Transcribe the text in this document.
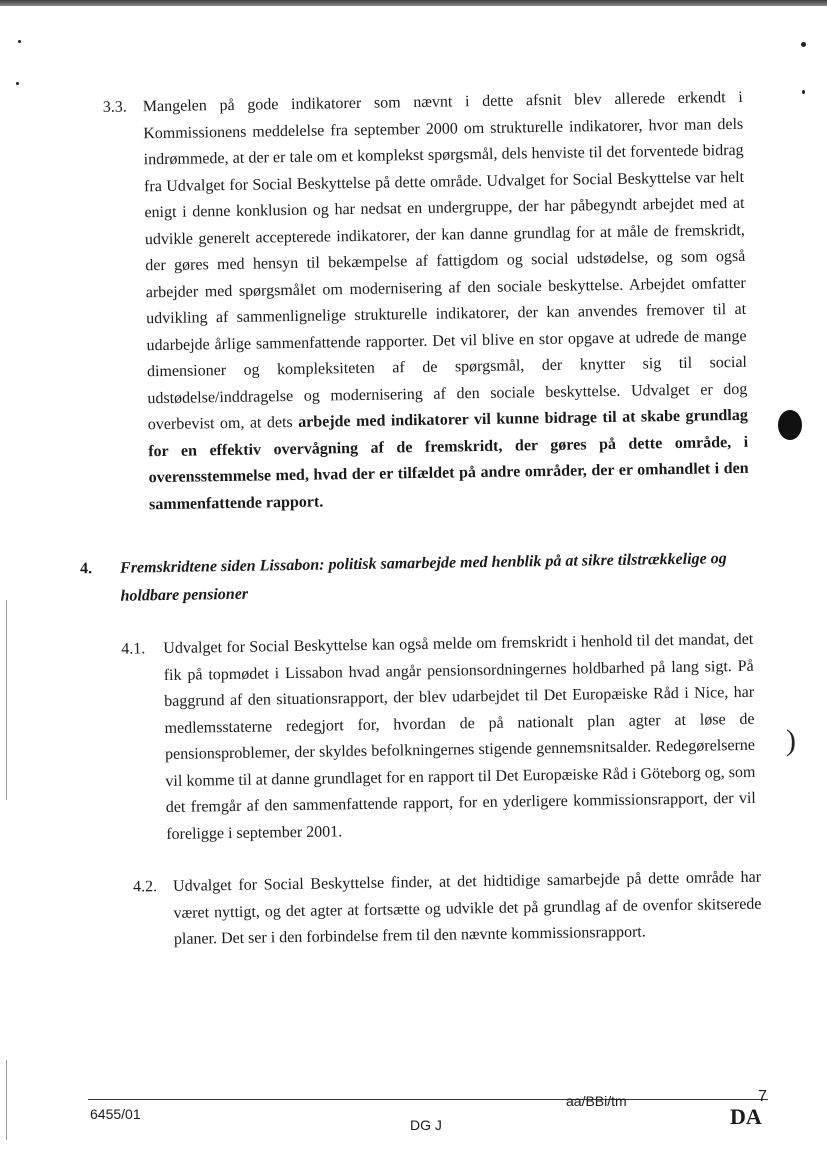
)
3.3. Mangelen på gode indikatorer som nævnt i dette afsnit blev allerede erkendt i Kommissionens meddelelse fra september 2000 om strukturelle indikatorer, hvor man dels indrømmede, at der er tale om et komplekst spørgsmål, dels henviste til det forventede bidrag fra Udvalget for Social Beskyttelse på dette område. Udvalget for Social Beskyttelse var helt enigt i denne konklusion og har nedsat en undergruppe, der har påbegyndt arbejdet med at udvikle generelt accepterede indikatorer, der kan danne grundlag for at måle de fremskridt, der gøres med hensyn til bekæmpelse af fattigdom og social udstødelse, og som også arbejder med spørgsmålet om modernisering af den sociale beskyttelse. Arbejdet omfatter udvikling af sammenlignelige strukturelle indikatorer, der kan anvendes fremover til at udarbejde årlige sammenfattende rapporter. Det vil blive en stor opgave at udrede de mange dimensioner og kompleksiteten af de spørgsmål, der knytter sig til social udstødelse/inddragelse og modernisering af den sociale beskyttelse. Udvalget er dog overbevist om, at dets arbejde med indikatorer vil kunne bidrage til at skabe grundlag for en effektiv overvågning af de fremskridt, der gøres på dette område, i overensstemmelse med, hvad der er tilfældet på andre områder, der er omhandlet i den sammenfattende rapport.
4. Fremskridtene siden Lissabon: politisk samarbejde med henblik på at sikre tilstrækkelige og holdbare pensioner
4.1. Udvalget for Social Beskyttelse kan også melde om fremskridt i henhold til det mandat, det fik på topmødet i Lissabon hvad angår pensionsordningernes holdbarhed på lang sigt. På baggrund af den situationsrapport, der blev udarbejdet til Det Europæiske Råd i Nice, har medlemsstaterne redegjort for, hvordan de på nationalt plan agter at løse de pensionsproblemer, der skyldes befolkningernes stigende gennemsnitsalder. Redegørelserne vil komme til at danne grundlaget for en rapport til Det Europæiske Råd i Göteborg og, som det fremgår af den sammenfattende rapport, for en yderligere kommissionsrapport, der vil foreligge i september 2001.
4.2. Udvalget for Social Beskyttelse finder, at det hidtidige samarbejde på dette område har været nyttigt, og det agter at fortsætte og udvikle det på grundlag af de ovenfor skitserede planer. Det ser i den forbindelse frem til den nævnte kommissionsrapport.
6455/01
DG J
aa/BBi/tm	7
DA
